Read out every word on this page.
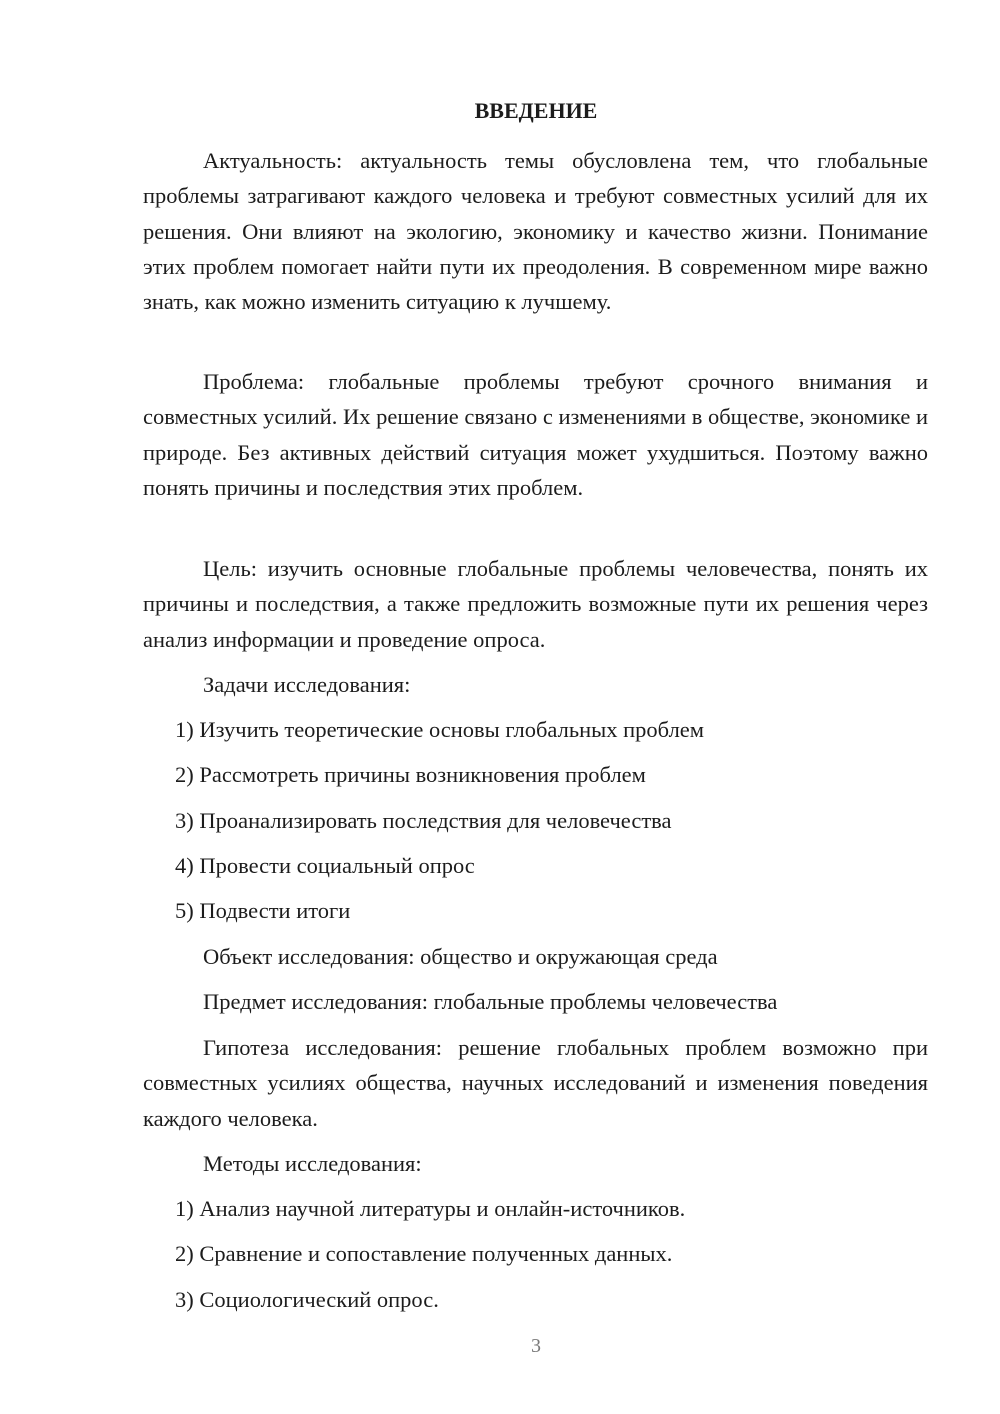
ВВЕДЕНИЕ

Актуальность: актуальность темы обусловлена тем, что глобальные проблемы затрагивают каждого человека и требуют совместных усилий для их решения. Они влияют на экологию, экономику и качество жизни. Понимание этих проблем помогает найти пути их преодоления. В современном мире важно знать, как можно изменить ситуацию к лучшему.

Проблема: глобальные проблемы требуют срочного внимания и совместных усилий. Их решение связано с изменениями в обществе, экономике и природе. Без активных действий ситуация может ухудшиться. Поэтому важно понять причины и последствия этих проблем.

Цель: изучить основные глобальные проблемы человечества, понять их причины и последствия, а также предложить возможные пути их решения через анализ информации и проведение опроса.

Задачи исследования:

1) Изучить теоретические основы глобальных проблем

2) Рассмотреть причины возникновения проблем

3) Проанализировать последствия для человечества

4) Провести социальный опрос

5) Подвести итоги

Объект исследования: общество и окружающая среда

Предмет исследования: глобальные проблемы человечества

Гипотеза исследования: решение глобальных проблем возможно при совместных усилиях общества, научных исследований и изменения поведения каждого человека.

Методы исследования:

1) Анализ научной литературы и онлайн-источников.

2) Сравнение и сопоставление полученных данных.

3) Социологический опрос.

3
